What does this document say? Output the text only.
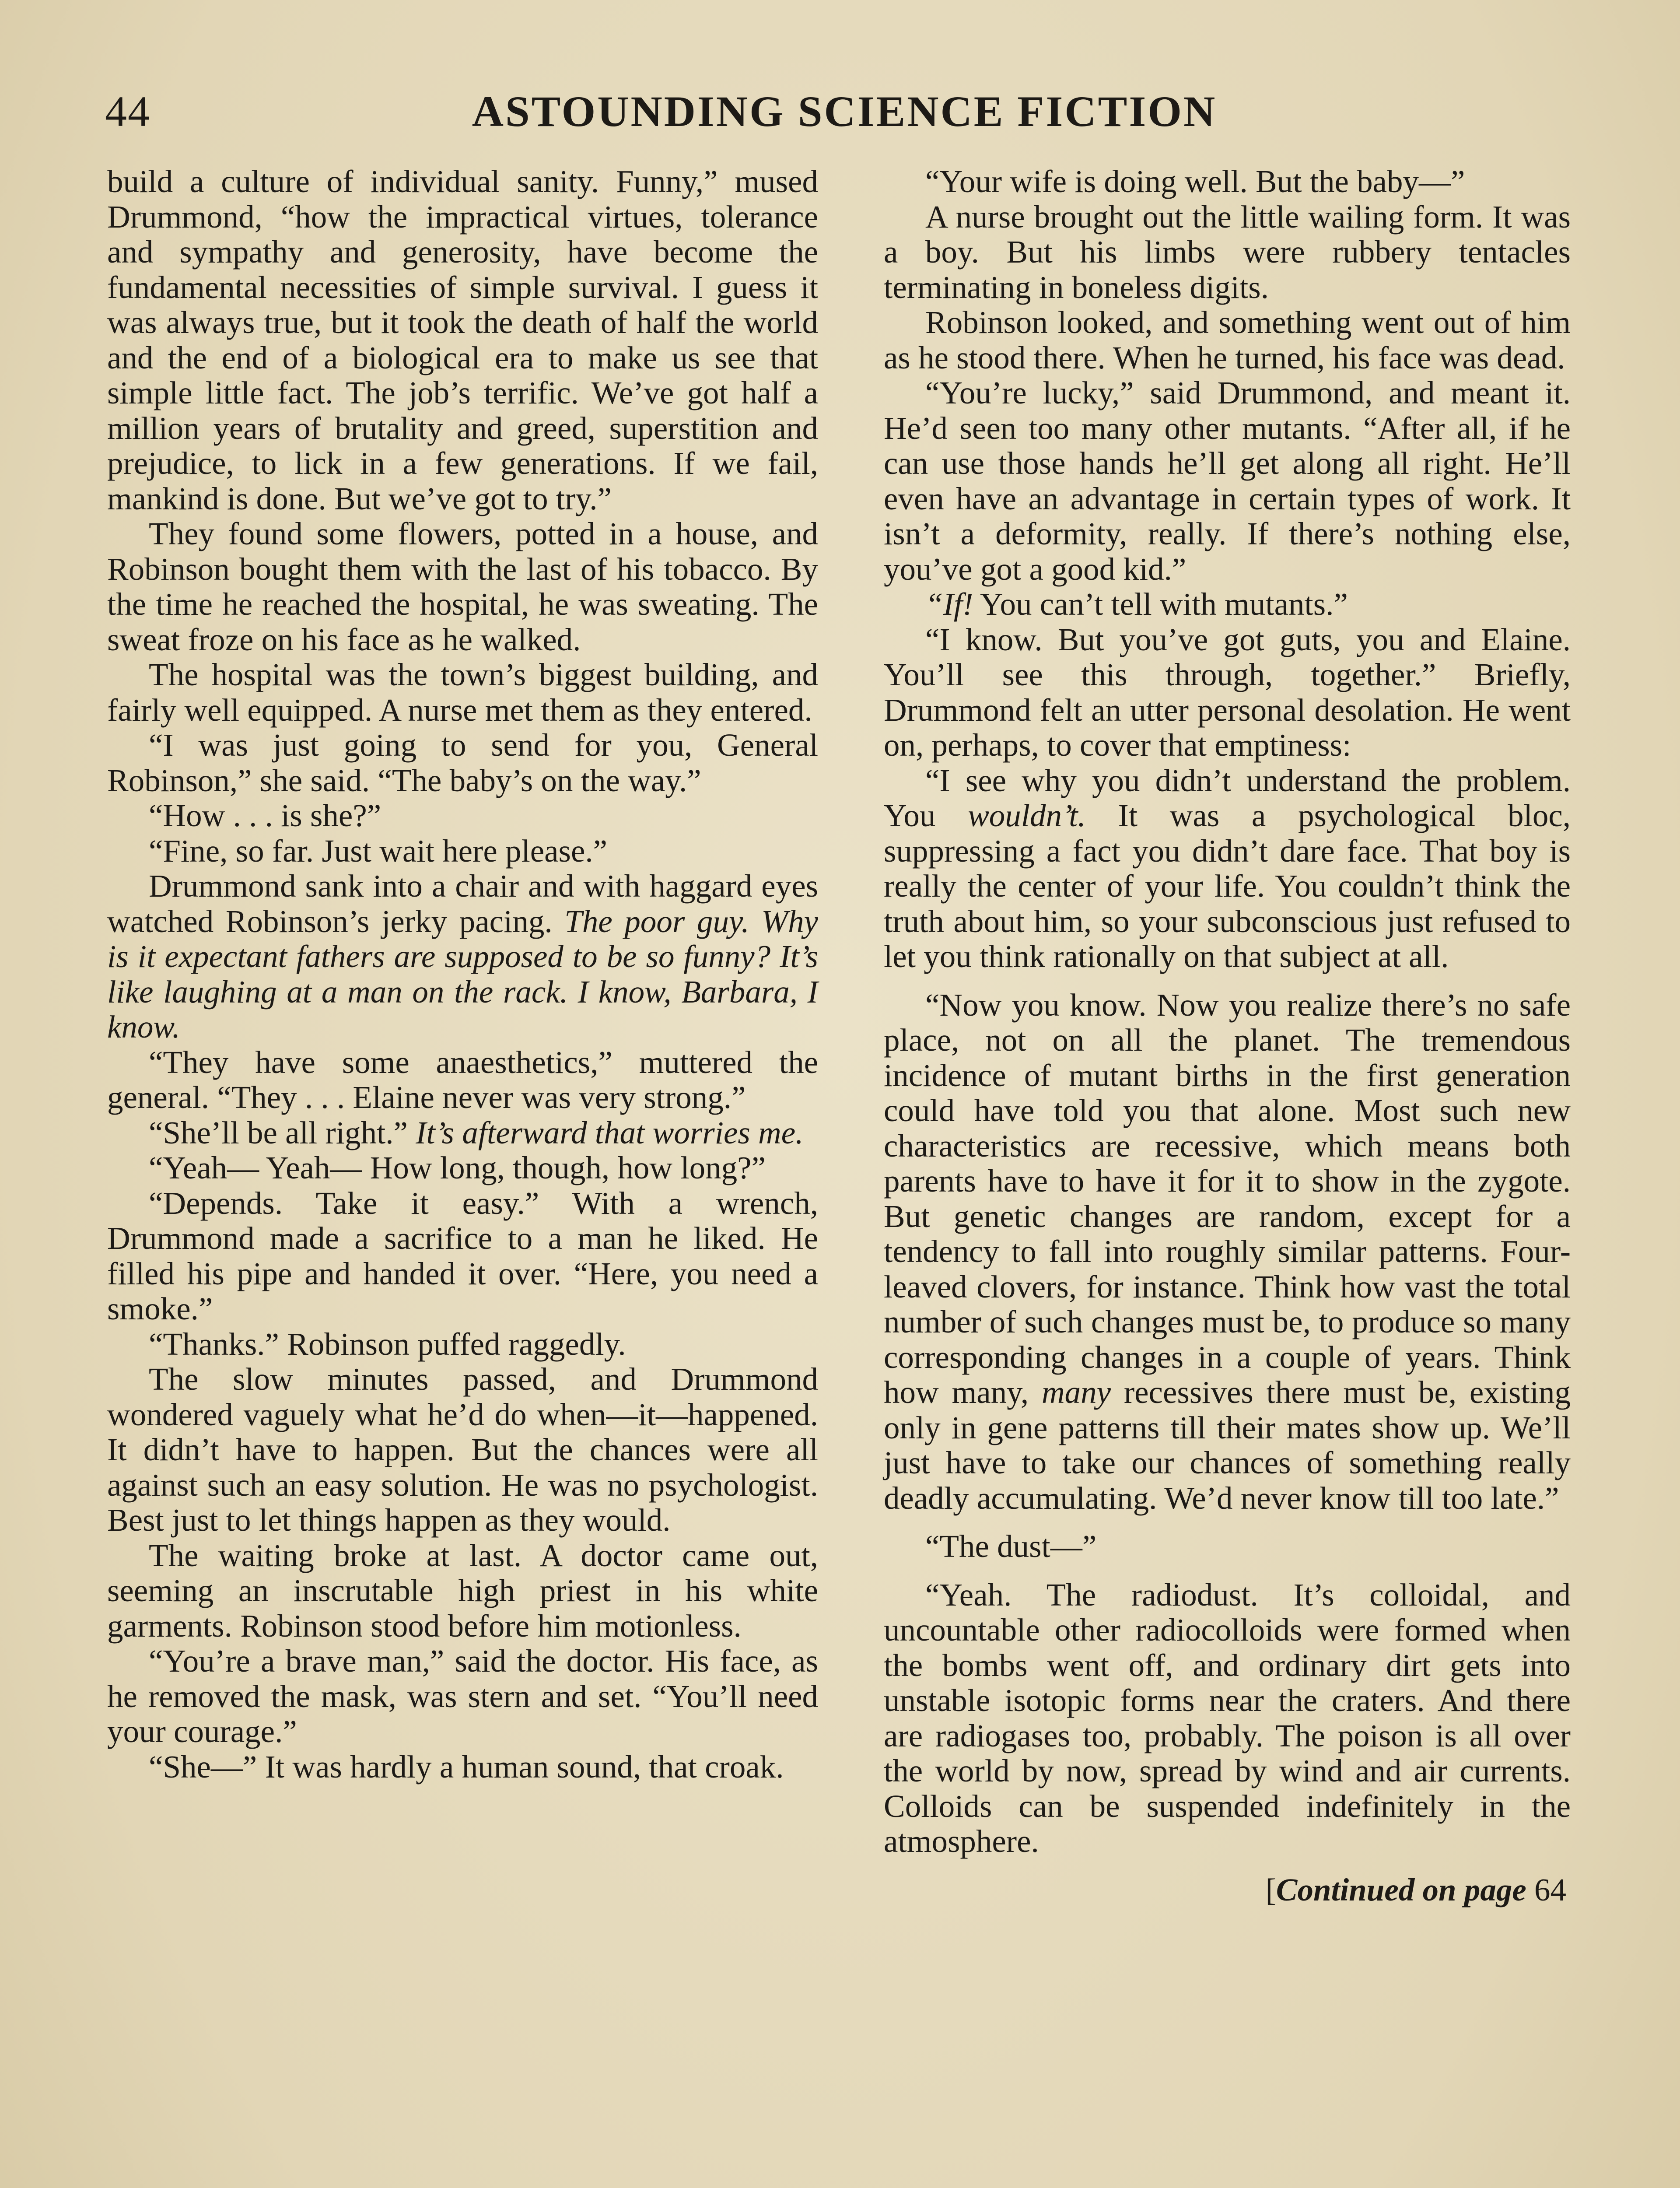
44	ASTOUNDING SCIENCE FICTION

build a culture of individual sanity. Funny,” mused Drummond, “how the impractical virtues, tolerance and sympathy and generosity, have become the fundamental necessities of simple survival. I guess it was always true, but it took the death of half the world and the end of a biological era to make us see that simple little fact. The job’s terrific. We’ve got half a million years of brutality and greed, superstition and prejudice, to lick in a few generations. If we fail, mankind is done. But we’ve got to try.”

They found some flowers, potted in a house, and Robinson bought them with the last of his tobacco. By the time he reached the hospital, he was sweating. The sweat froze on his face as he walked.

The hospital was the town’s biggest building, and fairly well equipped. A nurse met them as they entered.

“I was just going to send for you, General Robinson,” she said. “The baby’s on the way.”

“How . . . is she?”

“Fine, so far. Just wait here please.”

Drummond sank into a chair and with haggard eyes watched Robinson’s jerky pacing. The poor guy. Why is it expectant fathers are supposed to be so funny? It’s like laughing at a man on the rack. I know, Barbara, I know.

“They have some anaesthetics,” muttered the general. “They . . . Elaine never was very strong.”

“She’ll be all right.” It’s afterward that worries me.

“Yeah— Yeah— How long, though, how long?”

“Depends. Take it easy.” With a wrench, Drummond made a sacrifice to a man he liked. He filled his pipe and handed it over. “Here, you need a smoke.”

“Thanks.” Robinson puffed raggedly.

The slow minutes passed, and Drummond wondered vaguely what he’d do when—it—happened. It didn’t have to happen. But the chances were all against such an easy solution. He was no psychologist. Best just to let things happen as they would.

The waiting broke at last. A doctor came out, seeming an inscrutable high priest in his white garments. Robinson stood before him motionless.

“You’re a brave man,” said the doctor. His face, as he removed the mask, was stern and set. “You’ll need your courage.”

“She—” It was hardly a human sound, that croak.

“Your wife is doing well. But the baby—”

A nurse brought out the little wailing form. It was a boy. But his limbs were rubbery tentacles terminating in boneless digits.

Robinson looked, and something went out of him as he stood there. When he turned, his face was dead.

“You’re lucky,” said Drummond, and meant it. He’d seen too many other mutants. “After all, if he can use those hands he’ll get along all right. He’ll even have an advantage in certain types of work. It isn’t a deformity, really. If there’s nothing else, you’ve got a good kid.”

“If! You can’t tell with mutants.”

“I know. But you’ve got guts, you and Elaine. You’ll see this through, together.” Briefly, Drummond felt an utter personal desolation. He went on, perhaps, to cover that emptiness:

“I see why you didn’t understand the problem. You wouldn’t. It was a psychological bloc, suppressing a fact you didn’t dare face. That boy is really the center of your life. You couldn’t think the truth about him, so your subconscious just refused to let you think rationally on that subject at all.

“Now you know. Now you realize there’s no safe place, not on all the planet. The tremendous incidence of mutant births in the first generation could have told you that alone. Most such new characteristics are recessive, which means both parents have to have it for it to show in the zygote. But genetic changes are random, except for a tendency to fall into roughly similar patterns. Four-leaved clovers, for instance. Think how vast the total number of such changes must be, to produce so many corresponding changes in a couple of years. Think how many, many recessives there must be, existing only in gene patterns till their mates show up. We’ll just have to take our chances of something really deadly accumulating. We’d never know till too late.”

“The dust—”

“Yeah. The radiodust. It’s colloidal, and uncountable other radiocolloids were formed when the bombs went off, and ordinary dirt gets into unstable isotopic forms near the craters. And there are radiogases too, probably. The poison is all over the world by now, spread by wind and air currents. Colloids can be suspended indefinitely in the atmosphere.

[Continued on page 64
